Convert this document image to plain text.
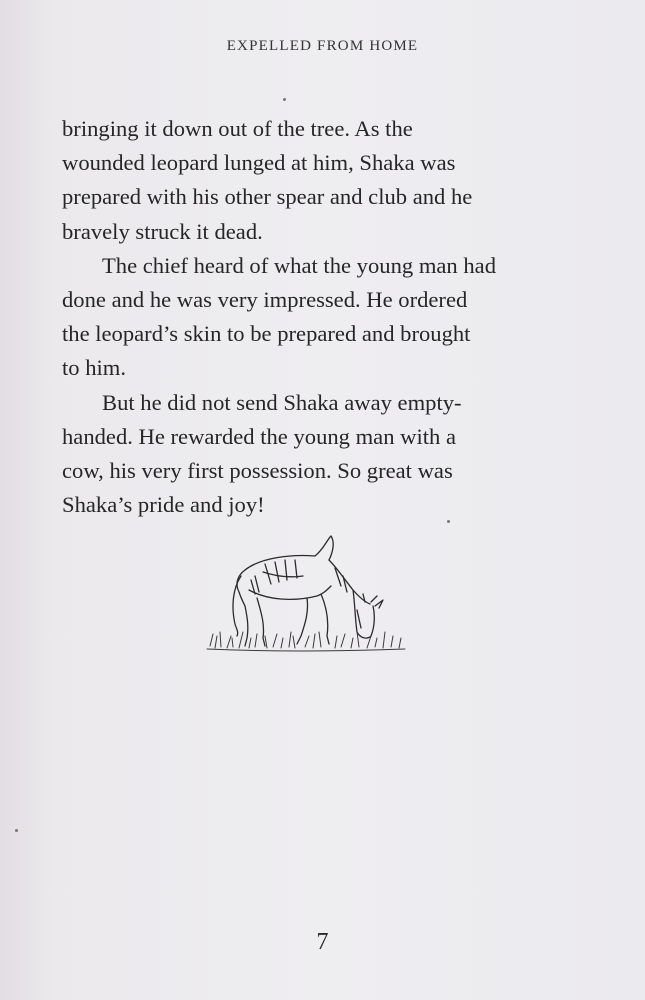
EXPELLED FROM HOME
bringing it down out of the tree. As the
wounded leopard lunged at him, Shaka was
prepared with his other spear and club and he
bravely struck it dead.
The chief heard of what the young man had
done and he was very impressed. He ordered
the leopard’s skin to be prepared and brought
to him.
But he did not send Shaka away empty-
handed. He rewarded the young man with a
cow, his very first possession. So great was
Shaka’s pride and joy!
7
